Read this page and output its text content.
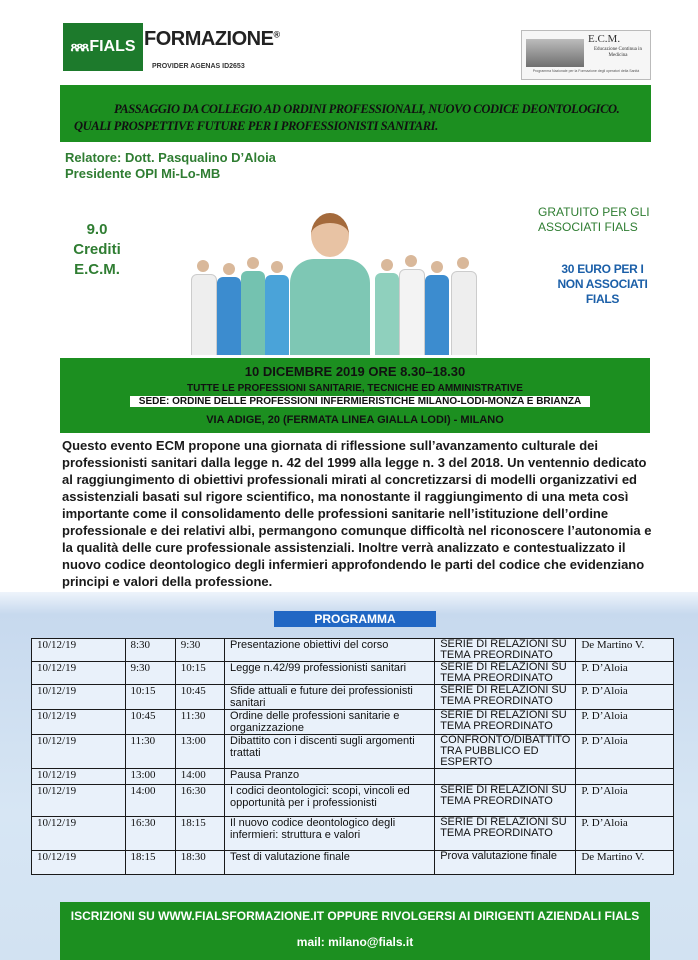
ጸጸጸ FIALS FORMAZIONE®
PROVIDER AGENAS ID2653
E.C.M.
Educazione Continua in Medicina
Programma Nazionale per la Formazione degli operatori della Sanità
PASSAGGIO DA COLLEGIO AD ORDINI PROFESSIONALI, NUOVO CODICE DEONTOLOGICO. QUALI PROSPETTIVE FUTURE PER I PROFESSIONISTI SANITARI.
Relatore: Dott. Pasqualino D’Aloia
Presidente OPI Mi-Lo-MB
9.0
Crediti
E.C.M.
GRATUITO PER GLI
ASSOCIATI FIALS
30 EURO PER I
NON ASSOCIATI
FIALS
10 DICEMBRE 2019 ORE 8.30–18.30
TUTTE LE PROFESSIONI SANITARIE, TECNICHE ED AMMINISTRATIVE
SEDE: ORDINE DELLE PROFESSIONI INFERMIERISTICHE MILANO-LODI-MONZA E BRIANZA
VIA ADIGE, 20 (FERMATA LINEA GIALLA LODI) - MILANO
Questo evento ECM propone una giornata di riflessione sull’avanzamento culturale dei professionisti sanitari dalla legge n. 42 del 1999 alla legge n. 3 del 2018. Un ventennio dedicato al raggiungimento di obiettivi professionali mirati al concretizzarsi di modelli organizzativi ed assistenziali basati sul rigore scientifico, ma nonostante il raggiungimento di una meta così importante come il consolidamento delle professioni sanitarie nell’istituzione dell’ordine professionale e dei relativi albi, permangono comunque difficoltà nel riconoscere l’autonomia e la qualità delle cure professionale assistenziali. Inoltre verrà analizzato e contestualizzato il nuovo codice deontologico degli infermieri approfondendo le parti del codice che evidenziano principi e valori della professione.
PROGRAMMA
10/12/19	8:30	9:30	Presentazione obiettivi del corso	SERIE DI RELAZIONI SU TEMA PREORDINATO	De Martino V.
10/12/19	9:30	10:15	Legge n.42/99 professionisti sanitari	SERIE DI RELAZIONI SU TEMA PREORDINATO	P. D’Aloia
10/12/19	10:15	10:45	Sfide attuali e future dei professionisti sanitari	SERIE DI RELAZIONI SU TEMA PREORDINATO	P. D’Aloia
10/12/19	10:45	11:30	Ordine delle professioni sanitarie e organizzazione	SERIE DI RELAZIONI SU TEMA PREORDINATO	P. D’Aloia
10/12/19	11:30	13:00	Dibattito con i discenti sugli argomenti trattati	CONFRONTO/DIBATTITO TRA PUBBLICO ED ESPERTO	P. D’Aloia
10/12/19	13:00	14:00	Pausa Pranzo		
10/12/19	14:00	16:30	I codici deontologici: scopi, vincoli ed opportunità per i professionisti	SERIE DI RELAZIONI SU TEMA PREORDINATO	P. D’Aloia
10/12/19	16:30	18:15	Il nuovo codice deontologico degli infermieri: struttura e valori	SERIE DI RELAZIONI SU TEMA PREORDINATO	P. D’Aloia
10/12/19	18:15	18:30	Test di valutazione finale	Prova valutazione finale	De Martino V.
ISCRIZIONI SU WWW.FIALSFORMAZIONE.IT OPPURE RIVOLGERSI AI DIRIGENTI AZIENDALI FIALS
mail: milano@fials.it
